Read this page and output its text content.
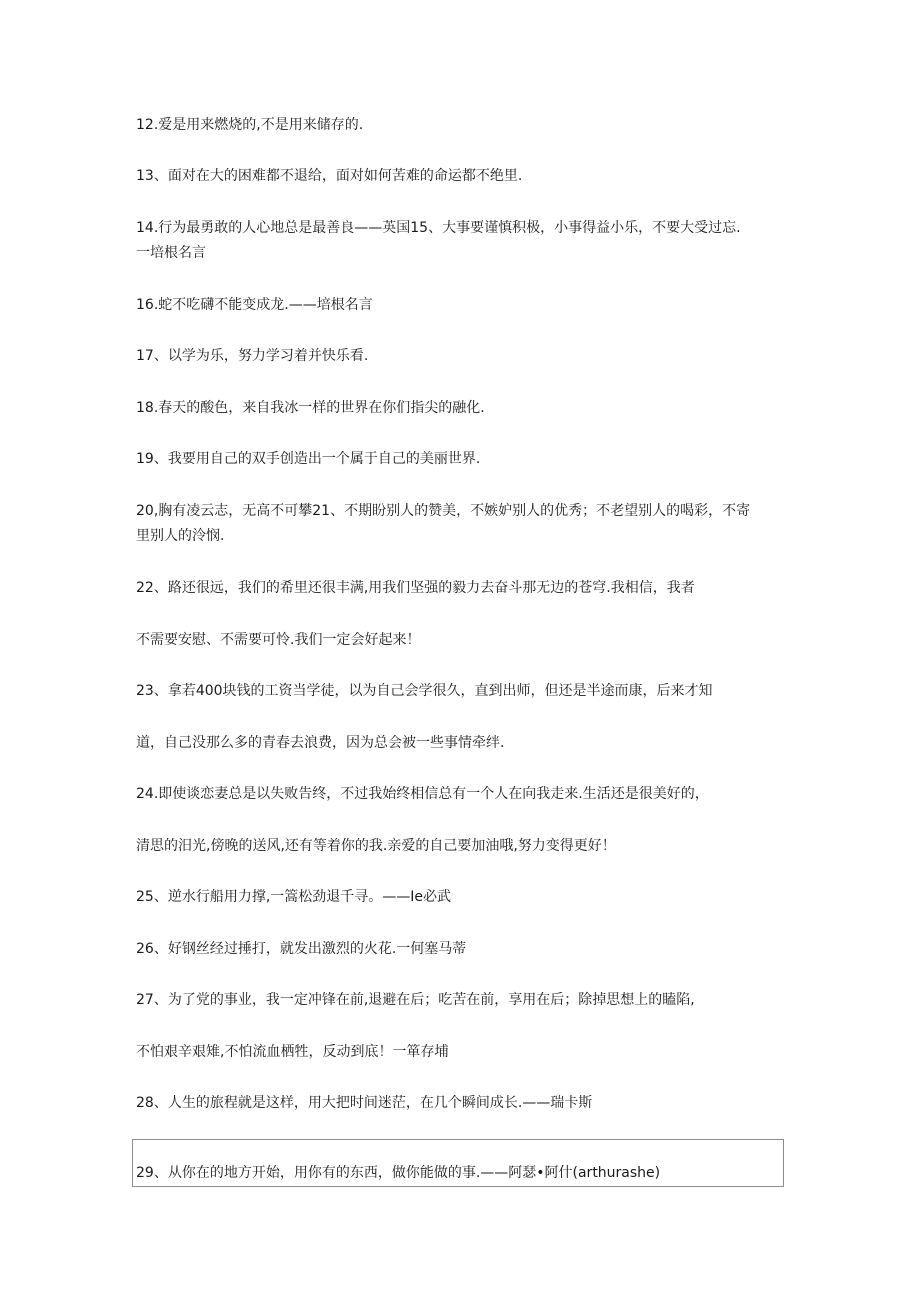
12.爱是用来燃烧的,不是用来储存的.
13、面对在大的困难都不退给，面对如何苦难的命运都不绝里.
14.行为最勇敢的人心地总是最善良——英国15、大事要谨慎积极，小事得益小乐，不要大受过忘.
一培根名言
16.蛇不吃礴不能变成龙.——培根名言
17、以学为乐，努力学习着并快乐看.
18.春天的酸色，来自我冰一样的世界在你们指尖的融化.
19、我要用自己的双手创造出一个属于自己的美丽世界.
20,胸有凌云志，无高不可攀21、不期盼别人的赞美，不嫉妒别人的优秀；不老望别人的喝彩，不寄
里别人的泠悯.
22、路还很远，我们的希里还很丰满,用我们坚强的毅力去奋斗那无边的苍穹.我相信，我者
不需要安慰、不需要可怜.我们一定会好起来！
23、拿若400块钱的工资当学徒，以为自己会学很久，直到出师，但还是半途而康，后来才知
道，自己没那么多的青春去浪费，因为总会被一些事情牵绊.
24.即使谈恋妻总是以失败告终，不过我始终相信总有一个人在向我走来.生活还是很美好的，
清思的汨光,傍晚的送风,还有等着你的我.亲爱的自己要加油哦,努力变得更好！
25、逆水行船用力撑,一篙松劲退千寻。——Ie必武
26、好钢丝经过捶打，就发出激烈的火花.一何塞马蒂
27、为了党的事业，我一定冲锋在前,退避在后；吃苦在前，享用在后；除掉思想上的瞌陷,
不怕艰辛艰雉,不怕流血栖牲，反动到底！一箪存埔
28、人生的旅程就是这样，用大把时间迷茫，在几个瞬间成长.——瑞卡斯
29、从你在的地方开始，用你有的东西，做你能做的事.——阿瑟•阿什(arthurashe)
